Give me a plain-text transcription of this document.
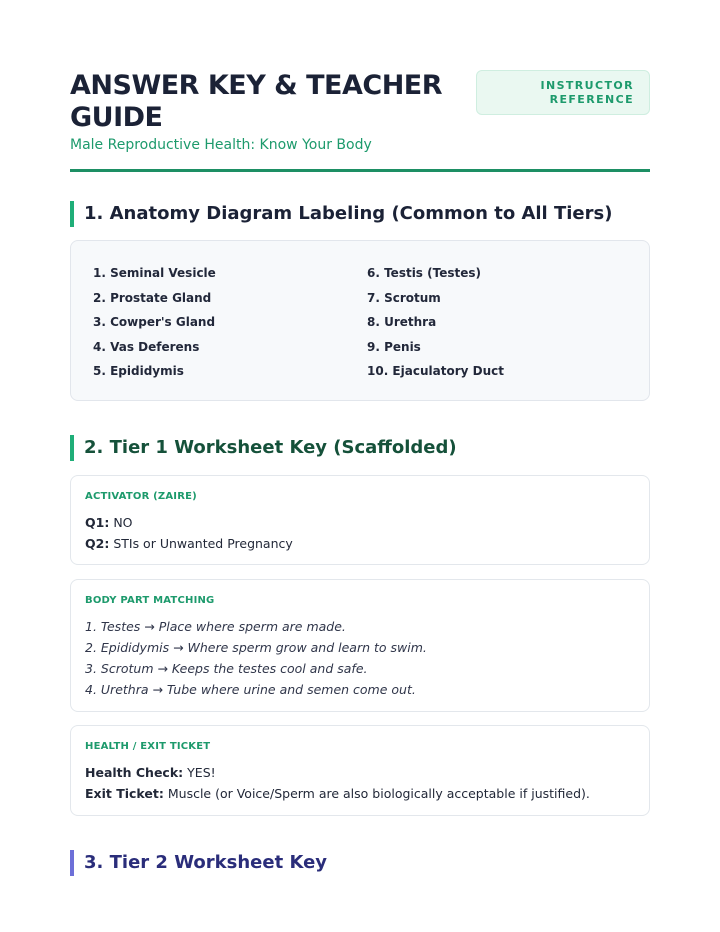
ANSWER KEY & TEACHER GUIDE
Male Reproductive Health: Know Your Body
INSTRUCTOR REFERENCE
1. Anatomy Diagram Labeling (Common to All Tiers)
1. Seminal Vesicle	6. Testis (Testes)
2. Prostate Gland	7. Scrotum
3. Cowper's Gland	8. Urethra
4. Vas Deferens	9. Penis
5. Epididymis	10. Ejaculatory Duct
2. Tier 1 Worksheet Key (Scaffolded)
ACTIVATOR (ZAIRE)
Q1: NO
Q2: STIs or Unwanted Pregnancy
BODY PART MATCHING
1. Testes → Place where sperm are made.
2. Epididymis → Where sperm grow and learn to swim.
3. Scrotum → Keeps the testes cool and safe.
4. Urethra → Tube where urine and semen come out.
HEALTH / EXIT TICKET
Health Check: YES!
Exit Ticket: Muscle (or Voice/Sperm are also biologically acceptable if justified).
3. Tier 2 Worksheet Key
